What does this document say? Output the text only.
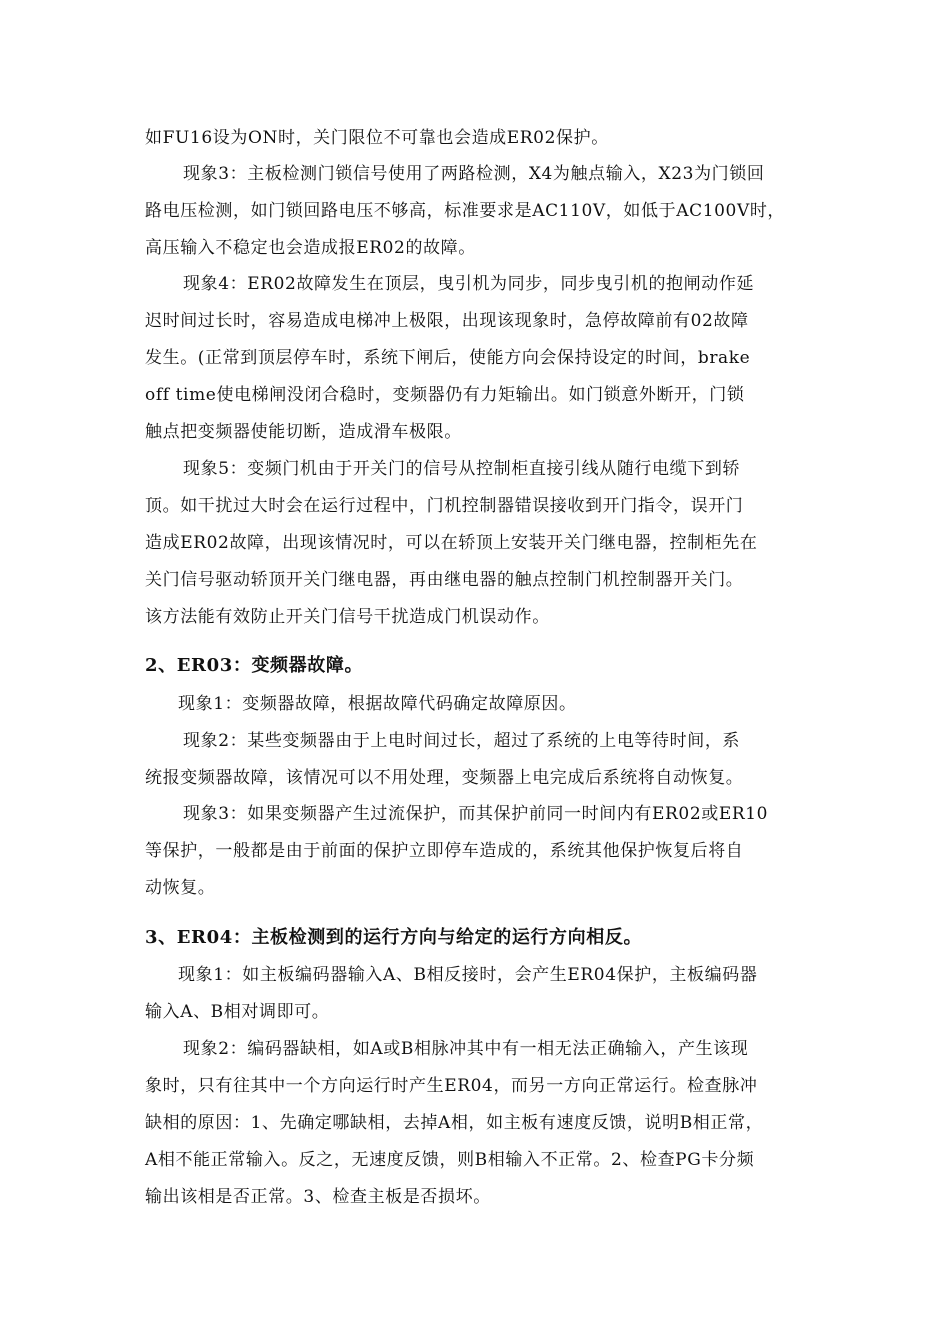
如FU16设为ON时，关门限位不可靠也会造成ER02保护。
现象3：主板检测门锁信号使用了两路检测，X4为触点输入，X23为门锁回
路电压检测，如门锁回路电压不够高，标准要求是AC110V，如低于AC100V时，
高压输入不稳定也会造成报ER02的故障。
现象4：ER02故障发生在顶层，曳引机为同步，同步曳引机的抱闸动作延
迟时间过长时，容易造成电梯冲上极限，出现该现象时，急停故障前有02故障
发生。(正常到顶层停车时，系统下闸后，使能方向会保持设定的时间，brake
off time使电梯闸没闭合稳时，变频器仍有力矩输出。如门锁意外断开，门锁
触点把变频器使能切断，造成滑车极限。
现象5：变频门机由于开关门的信号从控制柜直接引线从随行电缆下到轿
顶。如干扰过大时会在运行过程中，门机控制器错误接收到开门指令，误开门
造成ER02故障，出现该情况时，可以在轿顶上安装开关门继电器，控制柜先在
关门信号驱动轿顶开关门继电器，再由继电器的触点控制门机控制器开关门。
该方法能有效防止开关门信号干扰造成门机误动作。
2、ER03：变频器故障。
现象1：变频器故障，根据故障代码确定故障原因。
现象2：某些变频器由于上电时间过长，超过了系统的上电等待时间，系
统报变频器故障，该情况可以不用处理，变频器上电完成后系统将自动恢复。
现象3：如果变频器产生过流保护，而其保护前同一时间内有ER02或ER10
等保护，一般都是由于前面的保护立即停车造成的，系统其他保护恢复后将自
动恢复。
3、ER04：主板检测到的运行方向与给定的运行方向相反。
现象1：如主板编码器输入A、B相反接时，会产生ER04保护，主板编码器
输入A、B相对调即可。
现象2：编码器缺相，如A或B相脉冲其中有一相无法正确输入，产生该现
象时，只有往其中一个方向运行时产生ER04，而另一方向正常运行。检查脉冲
缺相的原因：1、先确定哪缺相，去掉A相，如主板有速度反馈，说明B相正常，
A相不能正常输入。反之，无速度反馈，则B相输入不正常。2、检查PG卡分频
输出该相是否正常。3、检查主板是否损坏。
